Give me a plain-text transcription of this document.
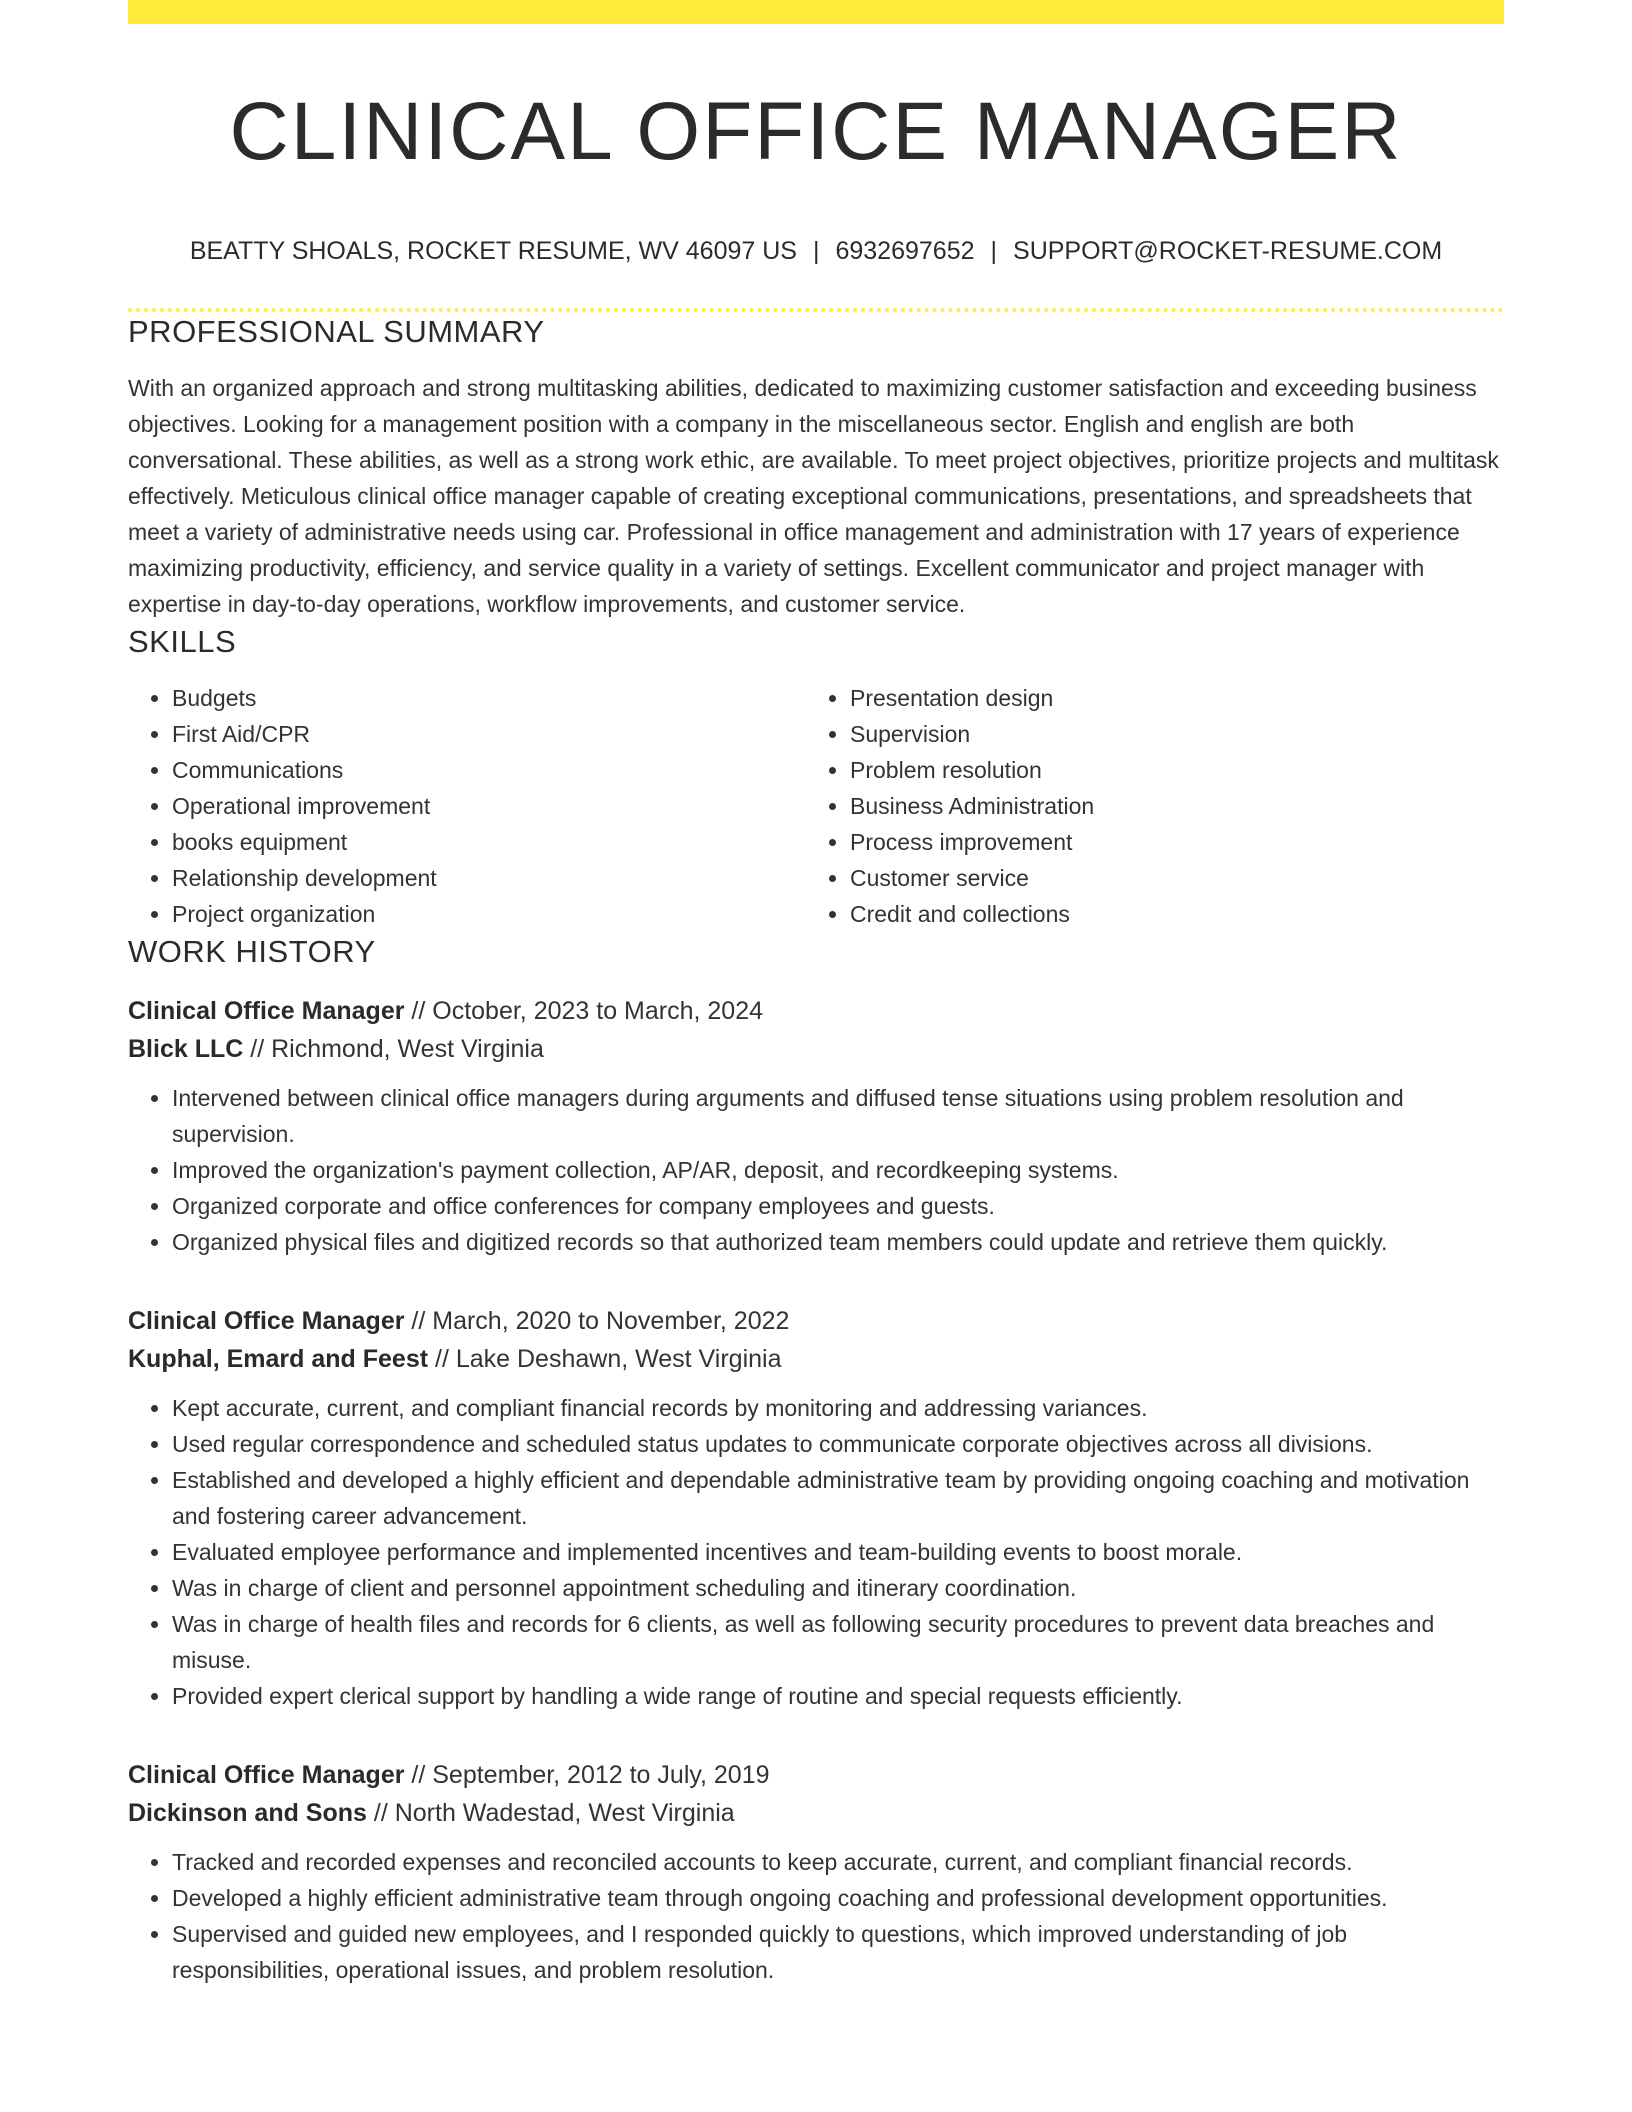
CLINICAL OFFICE MANAGER
BEATTY SHOALS, ROCKET RESUME, WV 46097 US | 6932697652 | SUPPORT@ROCKET-RESUME.COM
PROFESSIONAL SUMMARY

With an organized approach and strong multitasking abilities, dedicated to maximizing customer satisfaction and exceeding business objectives. Looking for a management position with a company in the miscellaneous sector. English and english are both conversational. These abilities, as well as a strong work ethic, are available. To meet project objectives, prioritize projects and multitask effectively. Meticulous clinical office manager capable of creating exceptional communications, presentations, and spreadsheets that meet a variety of administrative needs using car. Professional in office management and administration with 17 years of experience maximizing productivity, efficiency, and service quality in a variety of settings. Excellent communicator and project manager with expertise in day-to-day operations, workflow improvements, and customer service.

SKILLS
• Budgets
• First Aid/CPR
• Communications
• Operational improvement
• books equipment
• Relationship development
• Project organization
• Presentation design
• Supervision
• Problem resolution
• Business Administration
• Process improvement
• Customer service
• Credit and collections
WORK HISTORY
Clinical Office Manager // October, 2023 to March, 2024
Blick LLC // Richmond, West Virginia
• Intervened between clinical office managers during arguments and diffused tense situations using problem resolution and supervision.
• Improved the organization's payment collection, AP/AR, deposit, and recordkeeping systems.
• Organized corporate and office conferences for company employees and guests.
• Organized physical files and digitized records so that authorized team members could update and retrieve them quickly.
Clinical Office Manager // March, 2020 to November, 2022
Kuphal, Emard and Feest // Lake Deshawn, West Virginia
• Kept accurate, current, and compliant financial records by monitoring and addressing variances.
• Used regular correspondence and scheduled status updates to communicate corporate objectives across all divisions.
• Established and developed a highly efficient and dependable administrative team by providing ongoing coaching and motivation and fostering career advancement.
• Evaluated employee performance and implemented incentives and team-building events to boost morale.
• Was in charge of client and personnel appointment scheduling and itinerary coordination.
• Was in charge of health files and records for 6 clients, as well as following security procedures to prevent data breaches and misuse.
• Provided expert clerical support by handling a wide range of routine and special requests efficiently.
Clinical Office Manager // September, 2012 to July, 2019
Dickinson and Sons // North Wadestad, West Virginia
• Tracked and recorded expenses and reconciled accounts to keep accurate, current, and compliant financial records.
• Developed a highly efficient administrative team through ongoing coaching and professional development opportunities.
• Supervised and guided new employees, and I responded quickly to questions, which improved understanding of job responsibilities, operational issues, and problem resolution.
